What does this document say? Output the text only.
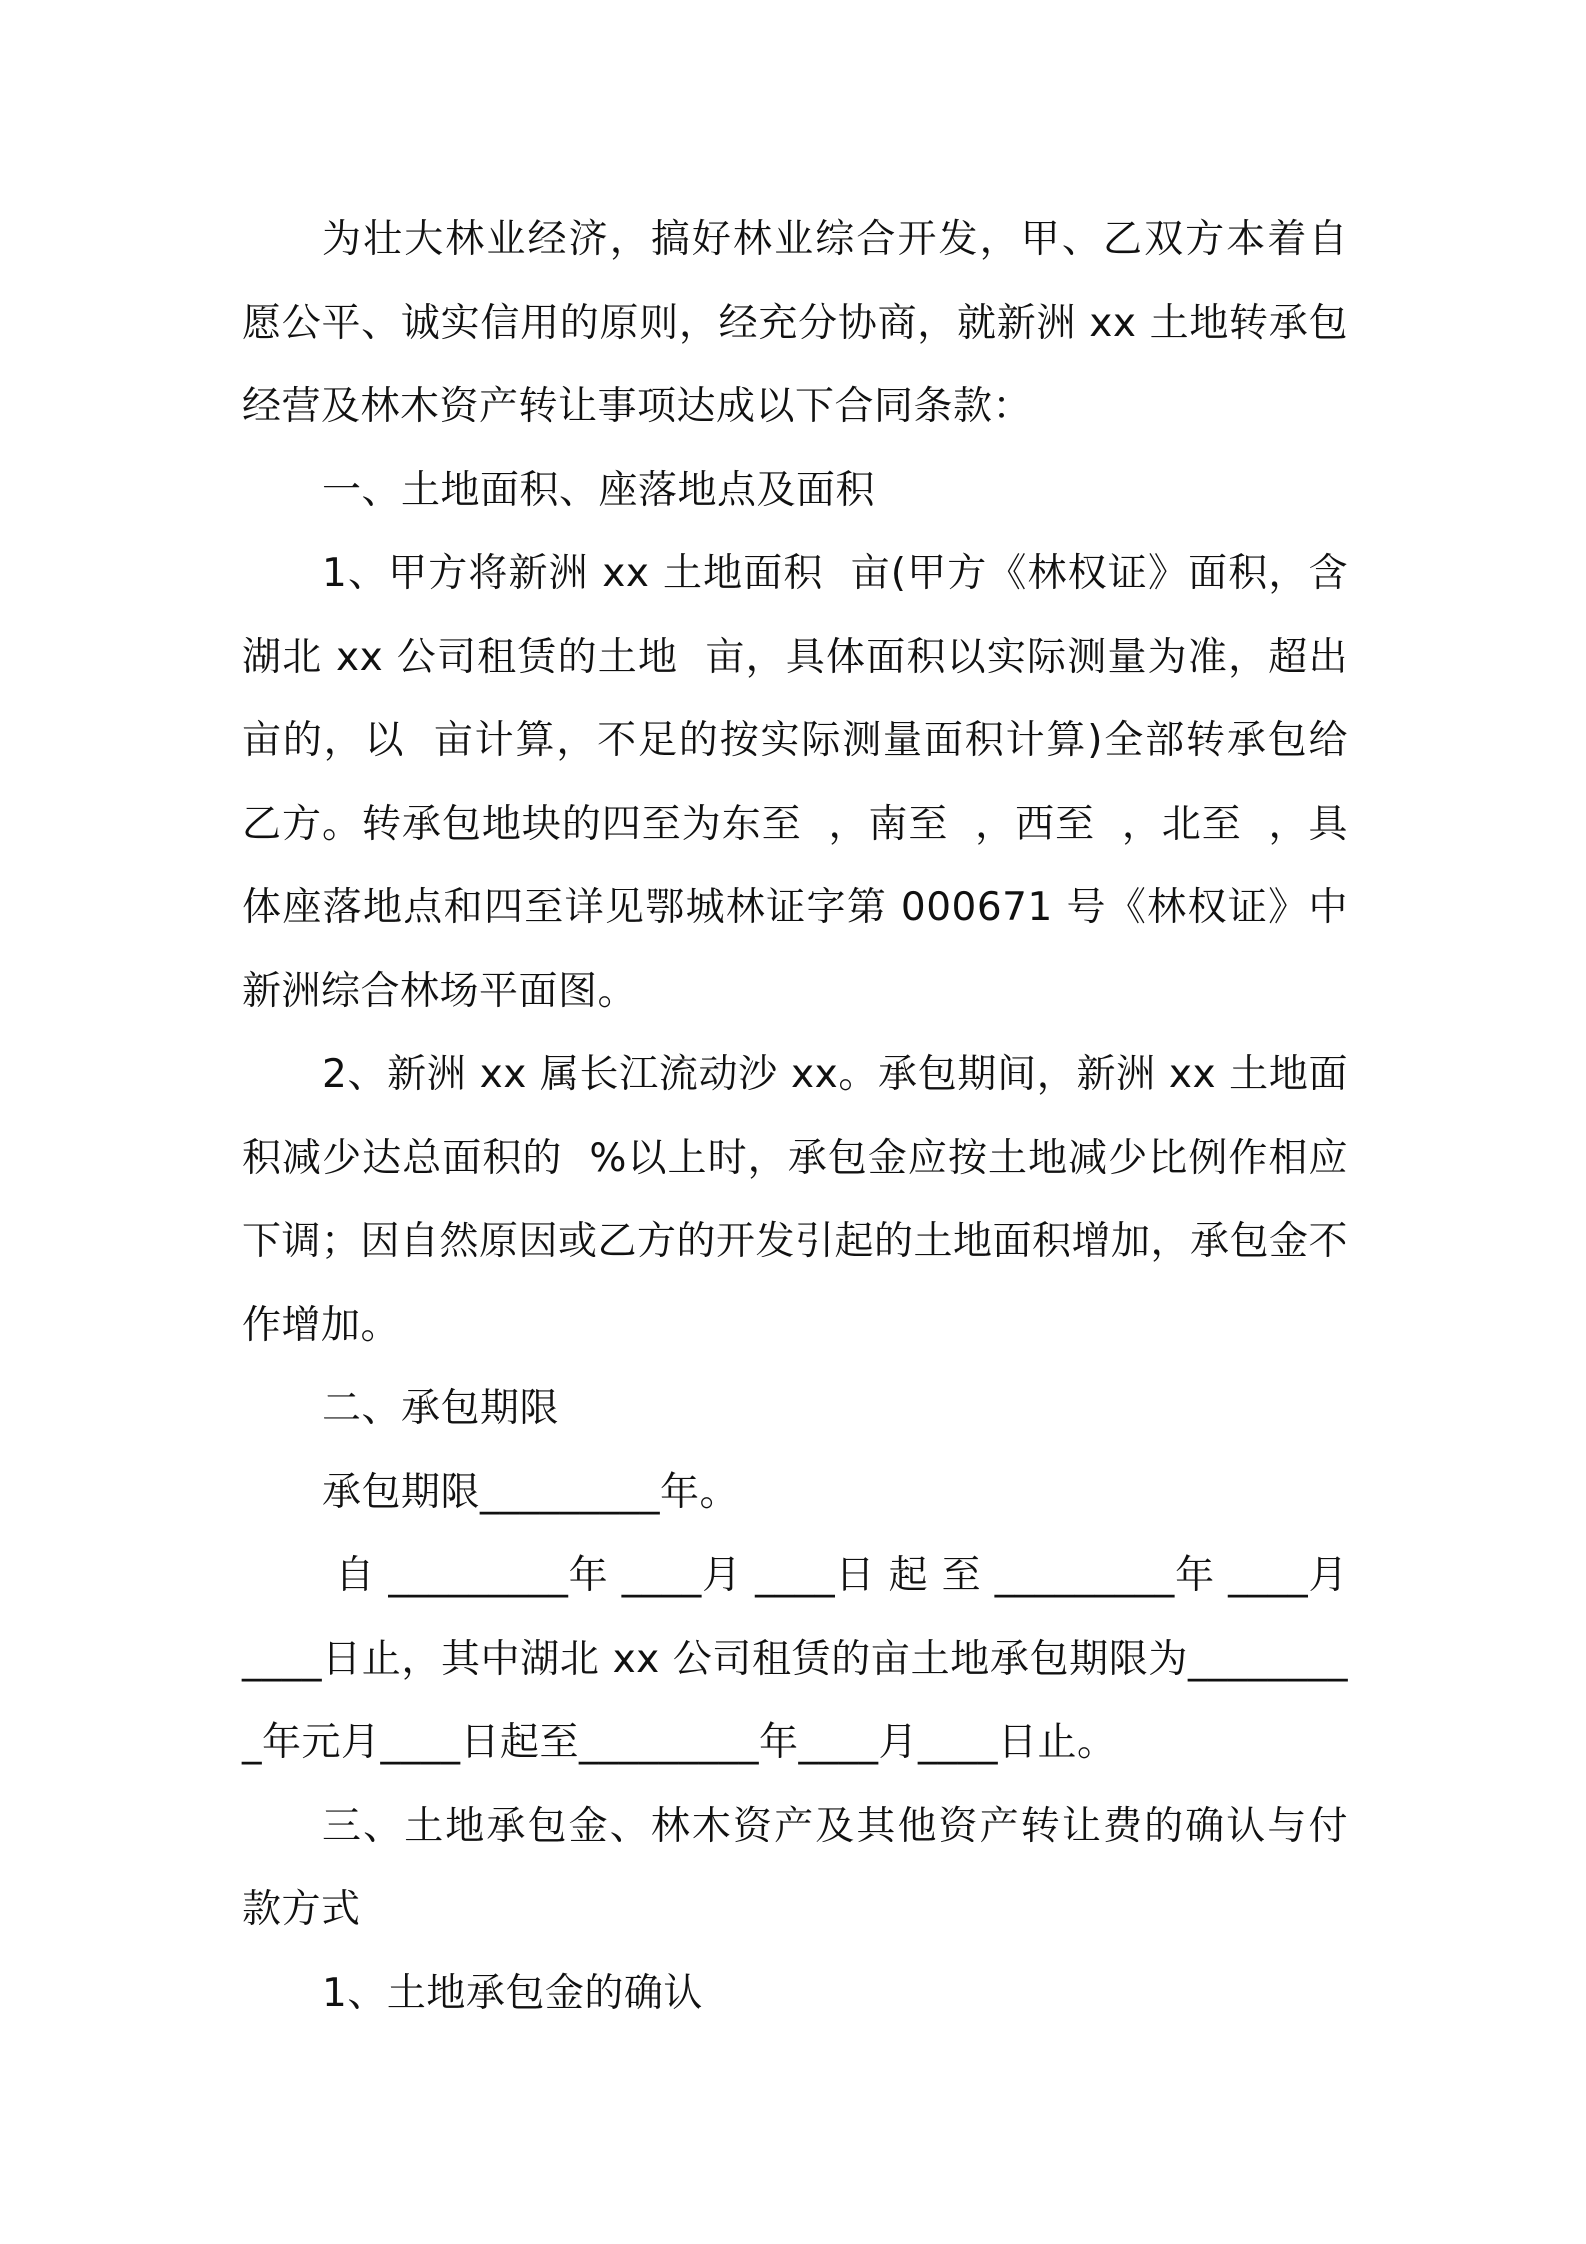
为壮大林业经济，搞好林业综合开发，甲、乙双方本着自愿公平、诚实信用的原则，经充分协商，就新洲 xx 土地转承包经营及林木资产转让事项达成以下合同条款：

一、土地面积、座落地点及面积

1、甲方将新洲 xx 土地面积  亩(甲方《林权证》面积，含湖北 xx 公司租赁的土地  亩，具体面积以实际测量为准，超出  亩的，以  亩计算，不足的按实际测量面积计算)全部转承包给乙方。转承包地块的四至为东至  ，南至  ，西至  ，北至  ，具体座落地点和四至详见鄂城林证字第 000671 号《林权证》中新洲综合林场平面图。

2、新洲 xx 属长江流动沙 xx。承包期间，新洲 xx 土地面积减少达总面积的  %以上时，承包金应按土地减少比例作相应下调；因自然原因或乙方的开发引起的土地面积增加，承包金不作增加。

二、承包期限

承包期限_________年。

自 _________年 ____月 ____日 起 至 _________年 ____月 ____日止，其中湖北 xx 公司租赁的亩土地承包期限为_________年元月____日起至_________年____月____日止。

三、土地承包金、林木资产及其他资产转让费的确认与付款方式

1、土地承包金的确认
